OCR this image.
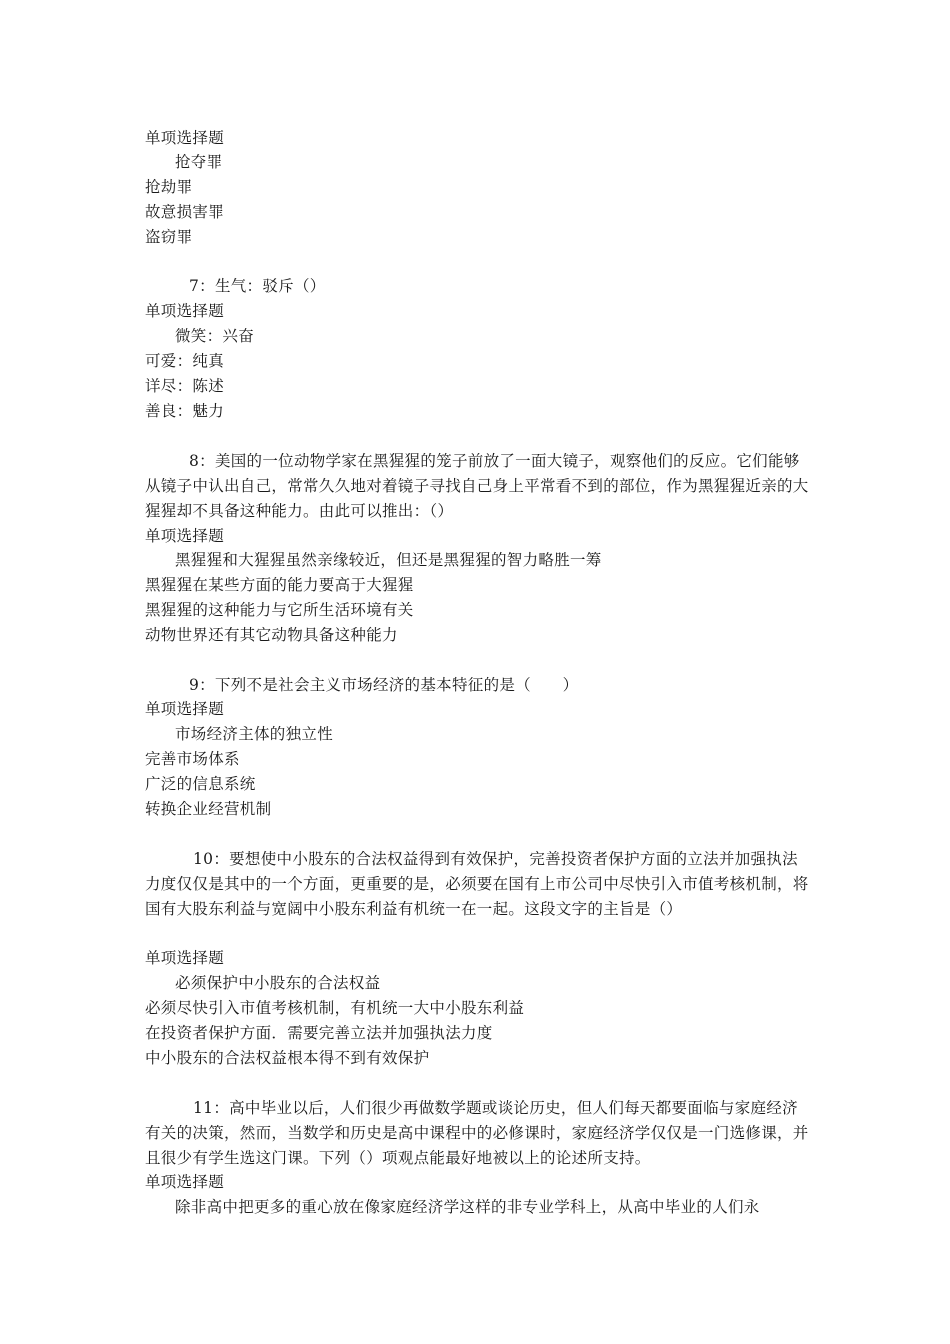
单项选择题
抢夺罪
抢劫罪
故意损害罪
盗窃罪
7：生气：驳斥（）
单项选择题
微笑：兴奋
可爱：纯真
详尽：陈述
善良：魅力
8：美国的一位动物学家在黑猩猩的笼子前放了一面大镜子，观察他们的反应。它们能够从镜子中认出自己，常常久久地对着镜子寻找自己身上平常看不到的部位，作为黑猩猩近亲的大猩猩却不具备这种能力。由此可以推出：（）
单项选择题
黑猩猩和大猩猩虽然亲缘较近，但还是黑猩猩的智力略胜一筹
黑猩猩在某些方面的能力要高于大猩猩
黑猩猩的这种能力与它所生活环境有关
动物世界还有其它动物具备这种能力
9：下列不是社会主义市场经济的基本特征的是（　　）
单项选择题
市场经济主体的独立性
完善市场体系
广泛的信息系统
转换企业经营机制
10：要想使中小股东的合法权益得到有效保护，完善投资者保护方面的立法并加强执法力度仅仅是其中的一个方面，更重要的是，必须要在国有上市公司中尽快引入市值考核机制，将国有大股东利益与宽阔中小股东利益有机统一在一起。这段文字的主旨是（）
单项选择题
必须保护中小股东的合法权益
必须尽快引入市值考核机制，有机统一大中小股东利益
在投资者保护方面．需要完善立法并加强执法力度
中小股东的合法权益根本得不到有效保护
11：高中毕业以后，人们很少再做数学题或谈论历史，但人们每天都要面临与家庭经济有关的决策，然而，当数学和历史是高中课程中的必修课时，家庭经济学仅仅是一门选修课，并且很少有学生选这门课。下列（）项观点能最好地被以上的论述所支持。
单项选择题
除非高中把更多的重心放在像家庭经济学这样的非专业学科上，从高中毕业的人们永
